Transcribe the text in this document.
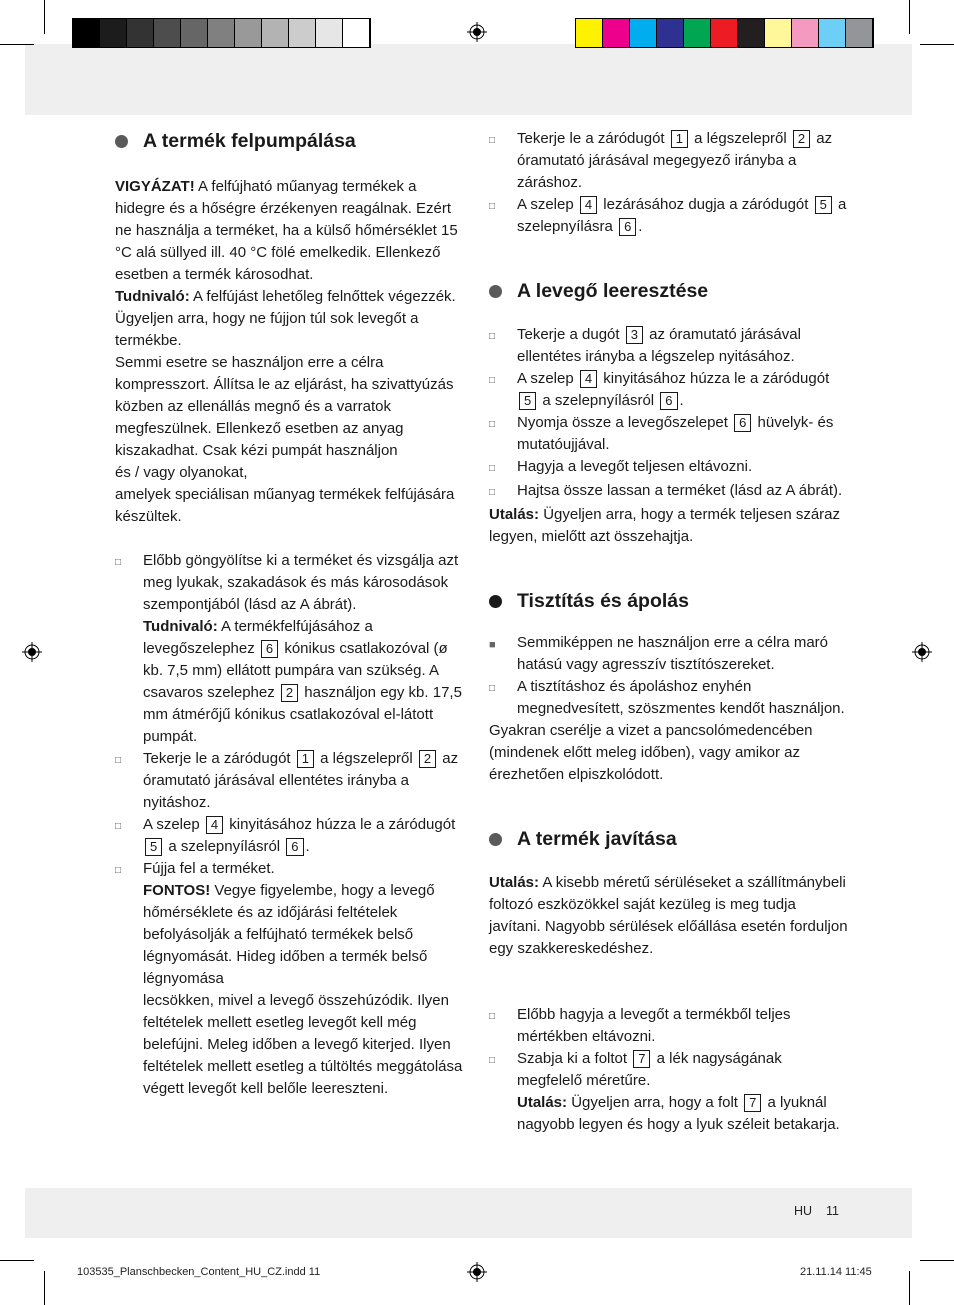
A termék felpumpálása

VIGYÁZAT! A felfújható műanyag termékek a hidegre és a hőségre érzékenyen reagálnak. Ezért ne használja a terméket, ha a külső hőmérséklet 15 °C alá süllyed ill. 40 °C fölé emelkedik. Ellenkező esetben a termék károsodhat.

Tudnivaló: A felfújást lehetőleg felnőttek végezzék. Ügyeljen arra, hogy ne fújjon túl sok levegőt a termékbe.

Semmi esetre se használjon erre a célra kompresszort. Állítsa le az eljárást, ha szivattyúzás közben az ellenállás megnő és a varratok megfeszülnek. Ellenkező esetben az anyag kiszakadhat. Csak kézi pumpát használjon

és / vagy olyanokat,

amelyek speciálisan műanyag termékek felfújására készültek.

□	Előbb göngyölítse ki a terméket és vizsgálja azt meg lyukak, szakadások és más károsodások szempontjából (lásd az A ábrát).

Tudnivaló: A termékfelfújásához a levegőszelephez 6 kónikus csatlakozóval (ø kb. 7,5 mm) ellátott pumpára van szükség. A csavaros szelephez 2 használjon egy kb. 17,5 mm átmérőjű kónikus csatlakozóval el-látott pumpát.

□	Tekerje le a záródugót 1 a légszelepről 2 az óramutató járásával ellentétes irányba a nyitáshoz.

□	A szelep 4 kinyitásához húzza le a záródugót 5 a szelepnyílásról 6 .

□	Fújja fel a terméket.

FONTOS! Vegye figyelembe, hogy a levegő hőmérséklete és az időjárási feltételek befolyásolják a felfújható termékek belső légnyomását. Hideg időben a termék belső légnyomása

lecsökken, mivel a levegő összehúzódik. Ilyen feltételek mellett esetleg levegőt kell még belefújni. Meleg időben a levegő kiterjed. Ilyen feltételek mellett esetleg a túltöltés meggátolása végett levegőt kell belőle leereszteni.

□	Tekerje le a záródugót 1 a légszelepről 2 az óramutató járásával megegyező irányba a záráshoz.

□	A szelep 4 lezárásához dugja a záródugót 5 a szelepnyílásra 6 .

A levegő leeresztése
□	Tekerje a dugót 3 az óramutató járásával ellentétes irányba a légszelep nyitásához.

□	A szelep 4 kinyitásához húzza le a záródugót 5 a szelepnyílásról 6 .

□	Nyomja össze a levegőszelepet 6 hüvelyk- és mutatóujjával.

□	Hagyja a levegőt teljesen eltávozni.

□	Hajtsa össze lassan a terméket (lásd az A ábrát).

Utalás: Ügyeljen arra, hogy a termék teljesen száraz legyen, mielőtt azt összehajtja.

Tisztítás és ápolás
■	Semmiképpen ne használjon erre a célra maró hatású vagy agresszív tisztítószereket.

□	A tisztításhoz és ápoláshoz enyhén megnedvesített, szöszmentes kendőt használjon.

Gyakran cserélje a vizet a pancsolómedencében (mindenek előtt meleg időben), vagy amikor az érezhetően elpiszkolódott.

A termék javítása

Utalás: A kisebb méretű sérüléseket a szállítmánybeli foltozó eszközökkel saját kezüleg is meg tudja javítani. Nagyobb sérülések előállása esetén forduljon egy szakkereskedéshez.

□	Előbb hagyja a levegőt a termékből teljes mértékben eltávozni.

□	Szabja ki a foltot 7 a lék nagyságának megfelelő méretűre.

Utalás: Ügyeljen arra, hogy a folt 7 a lyuknál nagyobb legyen és hogy a lyuk széleit betakarja.

HU 11
103535_Planschbecken_Content_HU_CZ.indd 11	21.11.14 11:45
